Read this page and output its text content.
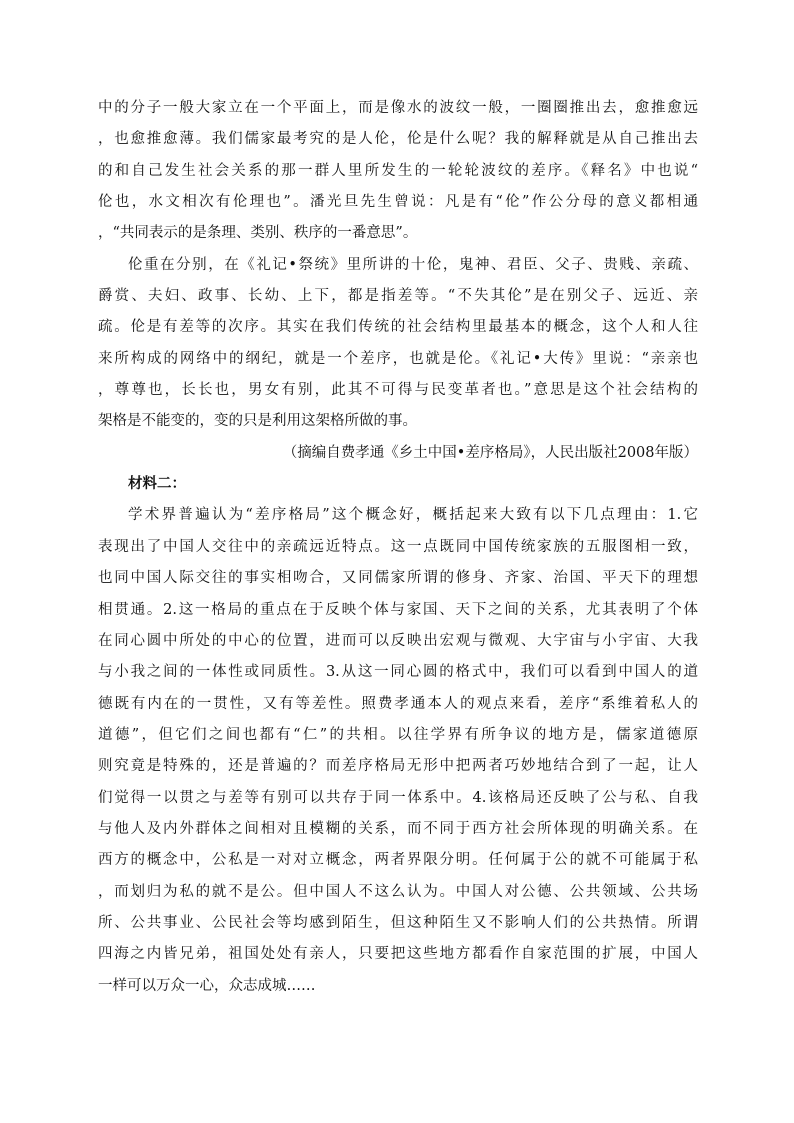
中的分子一般大家立在一个平面上，而是像水的波纹一般，一圈圈推出去，愈推愈远
，也愈推愈薄。我们儒家最考究的是人伦，伦是什么呢？我的解释就是从自己推出去
的和自己发生社会关系的那一群人里所发生的一轮轮波纹的差序。《释名》中也说“
伦也，水文相次有伦理也”。潘光旦先生曾说：凡是有“伦”作公分母的意义都相通
，“共同表示的是条理、类别、秩序的一番意思”。
伦重在分别，在《礼记•祭统》里所讲的十伦，鬼神、君臣、父子、贵贱、亲疏、
爵赏、夫妇、政事、长幼、上下，都是指差等。“不失其伦”是在别父子、远近、亲
疏。伦是有差等的次序。其实在我们传统的社会结构里最基本的概念，这个人和人往
来所构成的网络中的纲纪，就是一个差序，也就是伦。《礼记•大传》里说：“亲亲也
，尊尊也，长长也，男女有别，此其不可得与民变革者也。”意思是这个社会结构的
架格是不能变的，变的只是利用这架格所做的事。
（摘编自费孝通《乡土中国•差序格局》，人民出版社2008年版）
材料二：
学术界普遍认为“差序格局”这个概念好，概括起来大致有以下几点理由：1.它
表现出了中国人交往中的亲疏远近特点。这一点既同中国传统家族的五服图相一致，
也同中国人际交往的事实相吻合，又同儒家所谓的修身、齐家、治国、平天下的理想
相贯通。2.这一格局的重点在于反映个体与家国、天下之间的关系，尤其表明了个体
在同心圆中所处的中心的位置，进而可以反映出宏观与微观、大宇宙与小宇宙、大我
与小我之间的一体性或同质性。3.从这一同心圆的格式中，我们可以看到中国人的道
德既有内在的一贯性，又有等差性。照费孝通本人的观点来看，差序“系维着私人的
道德”，但它们之间也都有“仁”的共相。以往学界有所争议的地方是，儒家道德原
则究竟是特殊的，还是普遍的？而差序格局无形中把两者巧妙地结合到了一起，让人
们觉得一以贯之与差等有别可以共存于同一体系中。4.该格局还反映了公与私、自我
与他人及内外群体之间相对且模糊的关系，而不同于西方社会所体现的明确关系。在
西方的概念中，公私是一对对立概念，两者界限分明。任何属于公的就不可能属于私
，而划归为私的就不是公。但中国人不这么认为。中国人对公德、公共领域、公共场
所、公共事业、公民社会等均感到陌生，但这种陌生又不影响人们的公共热情。所谓
四海之内皆兄弟，祖国处处有亲人，只要把这些地方都看作自家范围的扩展，中国人
一样可以万众一心，众志成城……
